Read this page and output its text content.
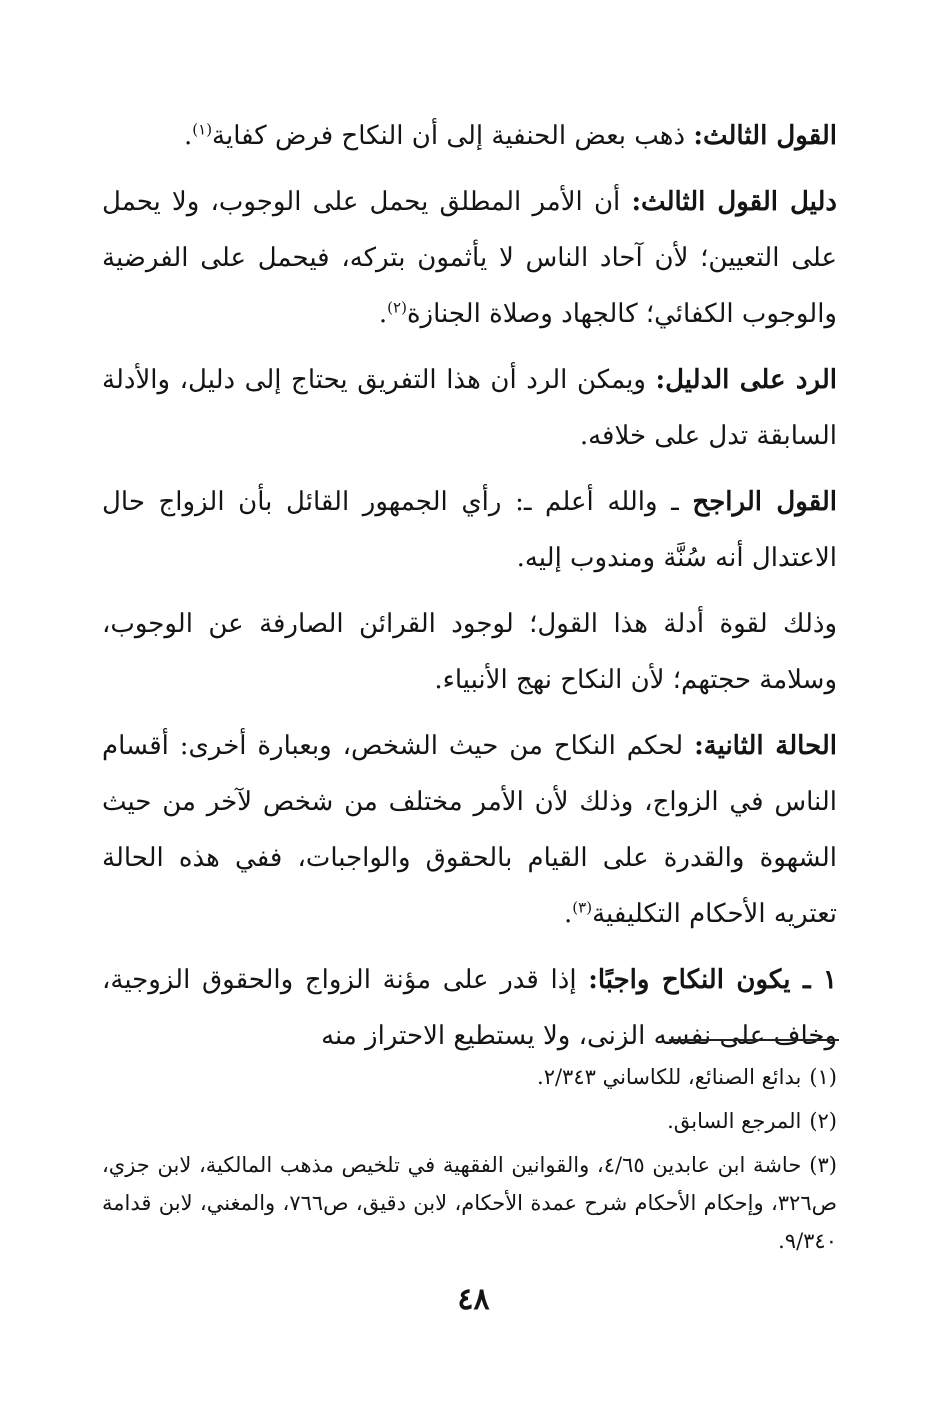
القول الثالث: ذهب بعض الحنفية إلى أن النكاح فرض كفاية$^{(١)}$.

دليل القول الثالث: أن الأمر المطلق يحمل على الوجوب، ولا يحمل على التعيين؛ لأن آحاد الناس لا يأثمون بتركه، فيحمل على الفرضية والوجوب الكفائي؛ كالجهاد وصلاة الجنازة$^{(٢)}$.

الرد على الدليل: ويمكن الرد أن هذا التفريق يحتاج إلى دليل، والأدلة السابقة تدل على خلافه.

القول الراجح ـ والله أعلم ـ: رأي الجمهور القائل بأن الزواج حال الاعتدال أنه سُنَّة ومندوب إليه.

وذلك لقوة أدلة هذا القول؛ لوجود القرائن الصارفة عن الوجوب، وسلامة حجتهم؛ لأن النكاح نهج الأنبياء.

الحالة الثانية: لحكم النكاح من حيث الشخص، وبعبارة أخرى: أقسام الناس في الزواج، وذلك لأن الأمر مختلف من شخص لآخر من حيث الشهوة والقدرة على القيام بالحقوق والواجبات، ففي هذه الحالة تعتريه الأحكام التكليفية$^{(٣)}$.

١ ـ يكون النكاح واجبًا: إذا قدر على مؤنة الزواج والحقوق الزوجية، وخاف على نفسه الزنى، ولا يستطيع الاحتراز منه

(١)بدائع الصنائع، للكاساني ٢/٣٤٣.
(٢)المرجع السابق.
(٣)حاشة ابن عابدين ٤/٦٥، والقوانين الفقهية في تلخيص مذهب المالكية، لابن جزي، ص٣٢٦، وإحكام الأحكام شرح عمدة الأحكام، لابن دقيق، ص٧٦٦، والمغني، لابن قدامة ٩/٣٤٠.
٤٨
